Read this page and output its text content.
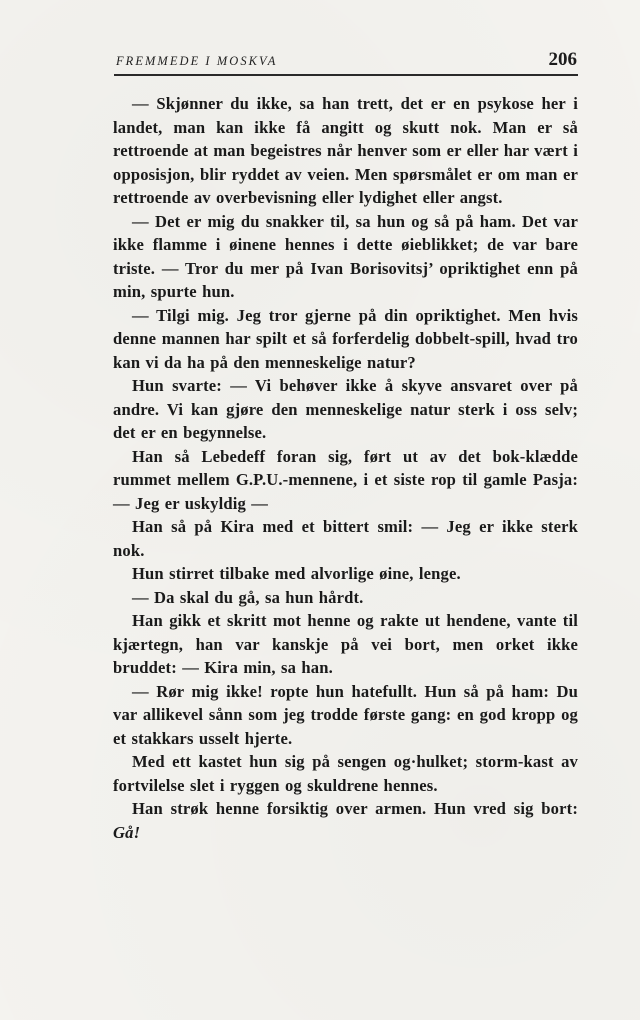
FREMMEDE I MOSKVA	206

— Skjønner du ikke, sa han trett, det er en psykose her i landet, man kan ikke få angitt og skutt nok. Man er så rettroende at man begeistres når henver som er eller har vært i opposisjon, blir ryddet av veien. Men spørsmålet er om man er rettroende av overbevisning eller lydighet eller angst.

— Det er mig du snakker til, sa hun og så på ham. Det var ikke flamme i øinene hennes i dette øieblikket; de var bare triste. — Tror du mer på Ivan Borisovitsj’ opriktighet enn på min, spurte hun.

— Tilgi mig. Jeg tror gjerne på din opriktighet. Men hvis denne mannen har spilt et så forferdelig dobbelt-spill, hvad tro kan vi da ha på den menneskelige natur?

Hun svarte: — Vi behøver ikke å skyve ansvaret over på andre. Vi kan gjøre den menneskelige natur sterk i oss selv; det er en begynnelse.

Han så Lebedeff foran sig, ført ut av det bok-klædde rummet mellem G.P.U.-mennene, i et siste rop til gamle Pasja: — Jeg er uskyldig —

Han så på Kira med et bittert smil: — Jeg er ikke sterk nok.

Hun stirret tilbake med alvorlige øine, lenge.

— Da skal du gå, sa hun hårdt.

Han gikk et skritt mot henne og rakte ut hendene, vante til kjærtegn, han var kanskje på vei bort, men orket ikke bruddet: — Kira min, sa han.

— Rør mig ikke! ropte hun hatefullt. Hun så på ham: Du var allikevel sånn som jeg trodde første gang: en god kropp og et stakkars usselt hjerte.

Med ett kastet hun sig på sengen og·hulket; storm-kast av fortvilelse slet i ryggen og skuldrene hennes.

Han strøk henne forsiktig over armen. Hun vred sig bort: Gå!
